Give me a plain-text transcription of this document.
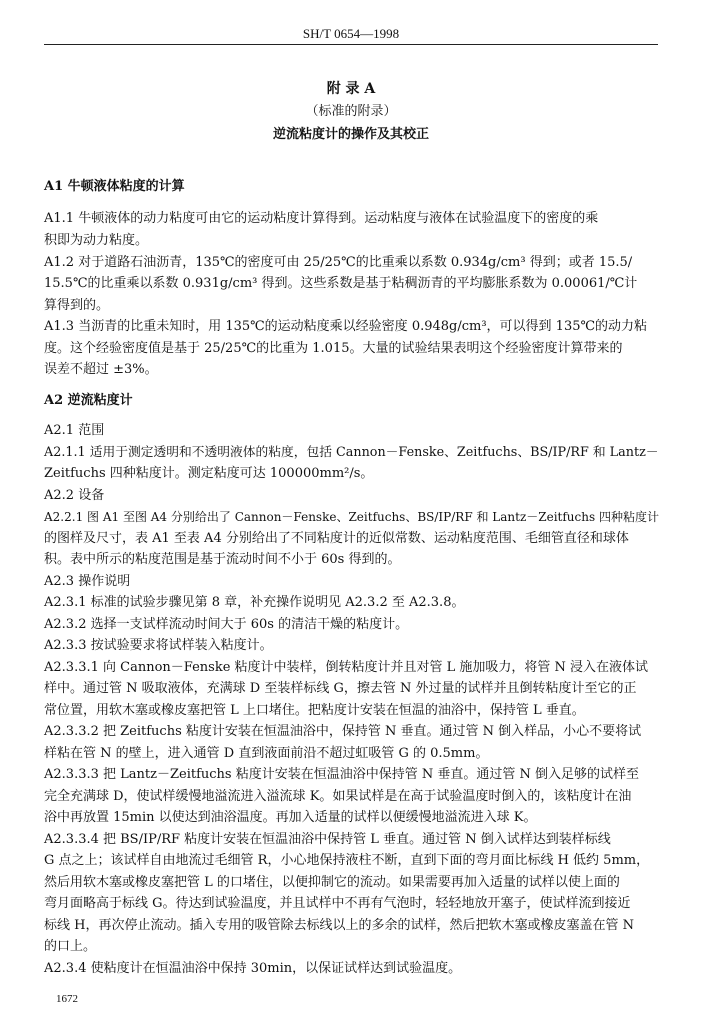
SH/T 0654—1998
附 录 A
（标准的附录）
逆流粘度计的操作及其校正
A1 牛顿液体粘度的计算
A1.1 牛顿液体的动力粘度可由它的运动粘度计算得到。运动粘度与液体在试验温度下的密度的乘
积即为动力粘度。
A1.2 对于道路石油沥青，135℃的密度可由 25/25℃的比重乘以系数 0.934g/cm³ 得到；或者 15.5/
15.5℃的比重乘以系数 0.931g/cm³ 得到。这些系数是基于粘稠沥青的平均膨胀系数为 0.00061/℃计
算得到的。
A1.3 当沥青的比重未知时，用 135℃的运动粘度乘以经验密度 0.948g/cm³，可以得到 135℃的动力粘
度。这个经验密度值是基于 25/25℃的比重为 1.015。大量的试验结果表明这个经验密度计算带来的
误差不超过 ±3%。
A2 逆流粘度计
A2.1 范围
A2.1.1 适用于测定透明和不透明液体的粘度，包括 Cannon－Fenske、Zeitfuchs、BS/IP/RF 和 Lantz－
Zeitfuchs 四种粘度计。测定粘度可达 100000mm²/s。
A2.2 设备
A2.2.1 图 A1 至图 A4 分别给出了 Cannon－Fenske、Zeitfuchs、BS/IP/RF 和 Lantz－Zeitfuchs 四种粘度计
的图样及尺寸，表 A1 至表 A4 分别给出了不同粘度计的近似常数、运动粘度范围、毛细管直径和球体
积。表中所示的粘度范围是基于流动时间不小于 60s 得到的。
A2.3 操作说明
A2.3.1 标准的试验步骤见第 8 章，补充操作说明见 A2.3.2 至 A2.3.8。
A2.3.2 选择一支试样流动时间大于 60s 的清洁干燥的粘度计。
A2.3.3 按试验要求将试样装入粘度计。
A2.3.3.1 向 Cannon－Fenske 粘度计中装样，倒转粘度计并且对管 L 施加吸力，将管 N 浸入在液体试
样中。通过管 N 吸取液体，充满球 D 至装样标线 G，擦去管 N 外过量的试样并且倒转粘度计至它的正
常位置，用软木塞或橡皮塞把管 L 上口堵住。把粘度计安装在恒温的油浴中，保持管 L 垂直。
A2.3.3.2 把 Zeitfuchs 粘度计安装在恒温油浴中，保持管 N 垂直。通过管 N 倒入样品，小心不要将试
样粘在管 N 的壁上，进入通管 D 直到液面前沿不超过虹吸管 G 的 0.5mm。
A2.3.3.3 把 Lantz－Zeitfuchs 粘度计安装在恒温油浴中保持管 N 垂直。通过管 N 倒入足够的试样至
完全充满球 D，使试样缓慢地溢流进入溢流球 K。如果试样是在高于试验温度时倒入的，该粘度计在油
浴中再放置 15min 以使达到油浴温度。再加入适量的试样以便缓慢地溢流进入球 K。
A2.3.3.4 把 BS/IP/RF 粘度计安装在恒温油浴中保持管 L 垂直。通过管 N 倒入试样达到装样标线
G 点之上；该试样自由地流过毛细管 R，小心地保持液柱不断，直到下面的弯月面比标线 H 低约 5mm，
然后用软木塞或橡皮塞把管 L 的口堵住，以便抑制它的流动。如果需要再加入适量的试样以使上面的
弯月面略高于标线 G。待达到试验温度，并且试样中不再有气泡时，轻轻地放开塞子，使试样流到接近
标线 H，再次停止流动。插入专用的吸管除去标线以上的多余的试样，然后把软木塞或橡皮塞盖在管 N
的口上。
A2.3.4 使粘度计在恒温油浴中保持 30min，以保证试样达到试验温度。
1672
